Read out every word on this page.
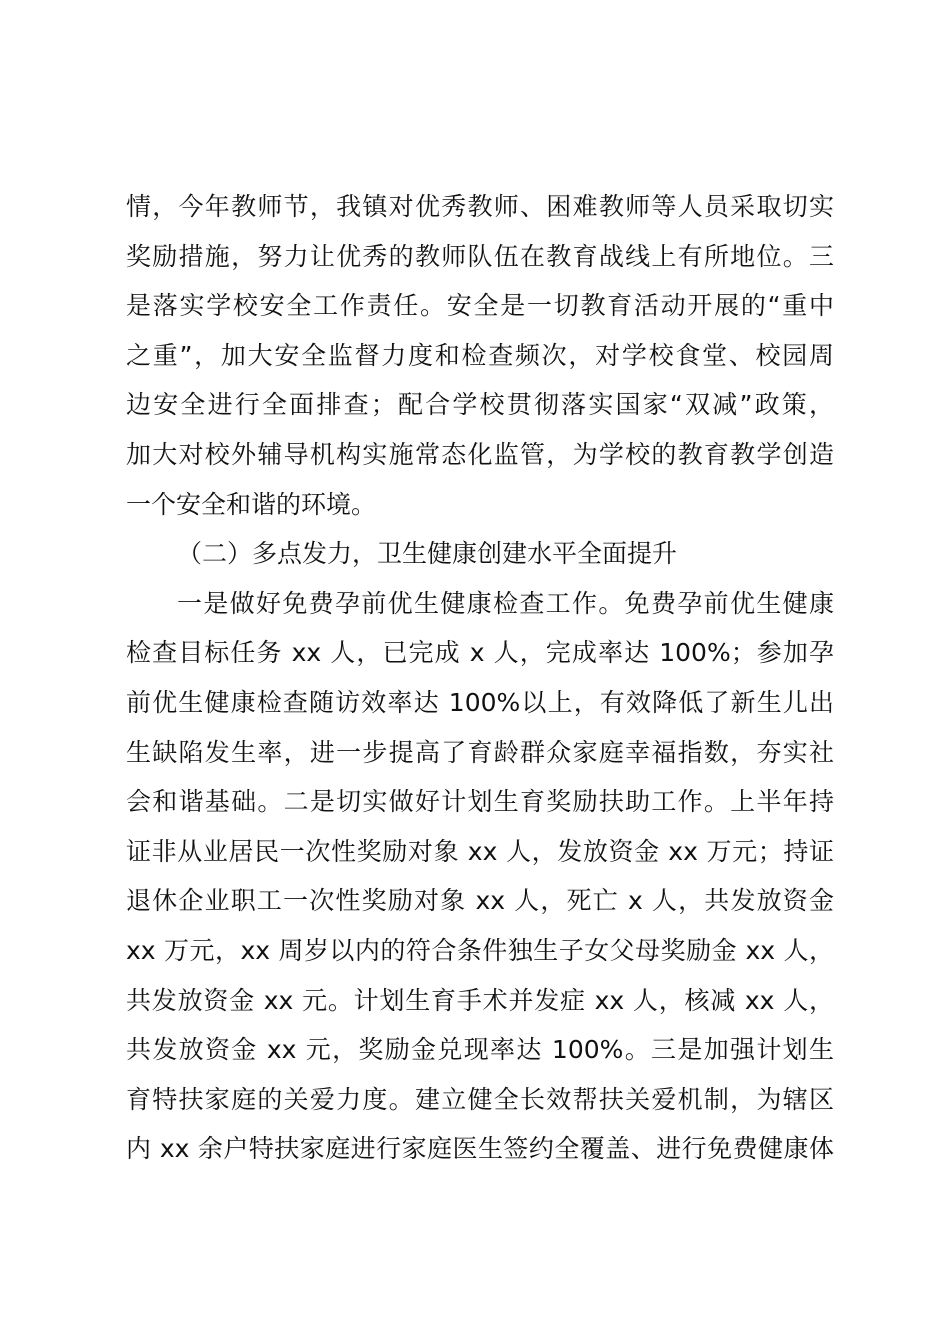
情，今年教师节，我镇对优秀教师、困难教师等人员采取切实
奖励措施，努力让优秀的教师队伍在教育战线上有所地位。三
是落实学校安全工作责任。安全是一切教育活动开展的“重中
之重”，加大安全监督力度和检查频次，对学校食堂、校园周
边安全进行全面排查；配合学校贯彻落实国家“双减”政策，
加大对校外辅导机构实施常态化监管，为学校的教育教学创造
一个安全和谐的环境。
（二）多点发力，卫生健康创建水平全面提升
一是做好免费孕前优生健康检查工作。免费孕前优生健康
检查目标任务 xx 人，已完成 x 人，完成率达 100%；参加孕
前优生健康检查随访效率达 100%以上，有效降低了新生儿出
生缺陷发生率，进一步提高了育龄群众家庭幸福指数，夯实社
会和谐基础。二是切实做好计划生育奖励扶助工作。上半年持
证非从业居民一次性奖励对象 xx 人，发放资金 xx 万元；持证
退休企业职工一次性奖励对象 xx 人，死亡 x 人，共发放资金
xx 万元，xx 周岁以内的符合条件独生子女父母奖励金 xx 人，
共发放资金 xx 元。计划生育手术并发症 xx 人，核减 xx 人，
共发放资金 xx 元，奖励金兑现率达 100%。三是加强计划生
育特扶家庭的关爱力度。建立健全长效帮扶关爱机制，为辖区
内 xx 余户特扶家庭进行家庭医生签约全覆盖、进行免费健康体
